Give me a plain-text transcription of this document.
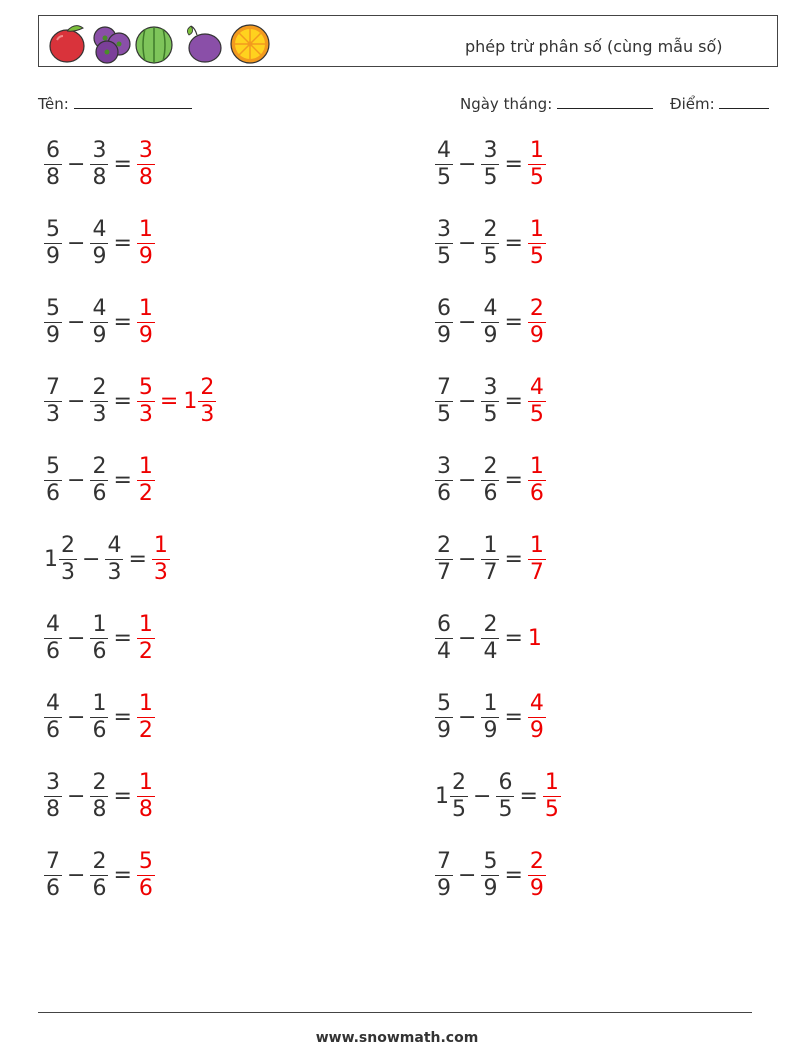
phép trừ phân số (cùng mẫu số)
Tên:	Ngày tháng:	Điểm:
$\frac{6}{8} - \frac{3}{8} = \frac{3}{8}$
$\frac{5}{9} - \frac{4}{9} = \frac{1}{9}$
$\frac{5}{9} - \frac{4}{9} = \frac{1}{9}$
$\frac{7}{3} - \frac{2}{3} = \frac{5}{3} = 1 \frac{2}{3}$
$\frac{5}{6} - \frac{2}{6} = \frac{1}{2}$
$1 \frac{2}{3} - \frac{4}{3} = \frac{1}{3}$
$\frac{4}{6} - \frac{1}{6} = \frac{1}{2}$
$\frac{4}{6} - \frac{1}{6} = \frac{1}{2}$
$\frac{3}{8} - \frac{2}{8} = \frac{1}{8}$
$\frac{7}{6} - \frac{2}{6} = \frac{5}{6}$
$\frac{4}{5} - \frac{3}{5} = \frac{1}{5}$
$\frac{3}{5} - \frac{2}{5} = \frac{1}{5}$
$\frac{6}{9} - \frac{4}{9} = \frac{2}{9}$
$\frac{7}{5} - \frac{3}{5} = \frac{4}{5}$
$\frac{3}{6} - \frac{2}{6} = \frac{1}{6}$
$\frac{2}{7} - \frac{1}{7} = \frac{1}{7}$
$\frac{6}{4} - \frac{2}{4} = 1$
$\frac{5}{9} - \frac{1}{9} = \frac{4}{9}$
$1 \frac{2}{5} - \frac{6}{5} = \frac{1}{5}$
$\frac{7}{9} - \frac{5}{9} = \frac{2}{9}$
www.snowmath.com
